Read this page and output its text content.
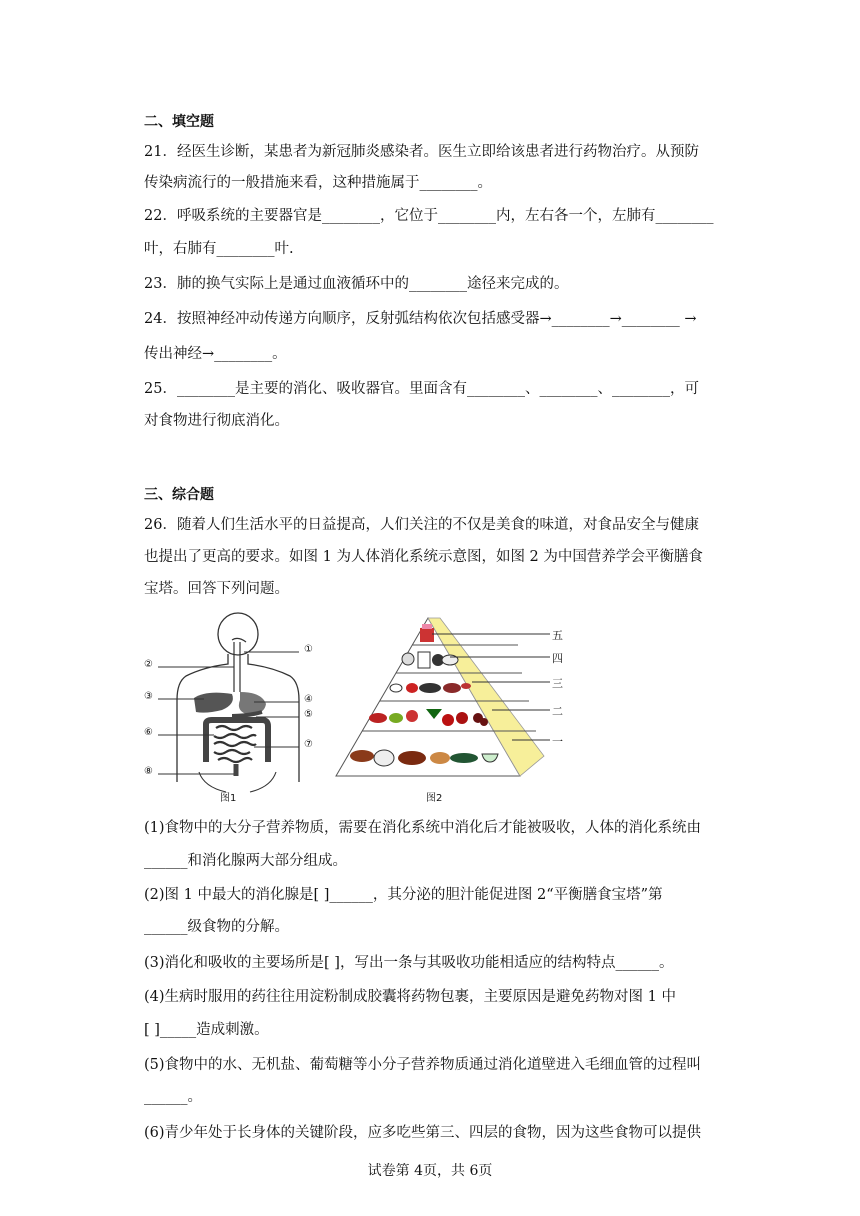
二、填空题
21．经医生诊断，某患者为新冠肺炎感染者。医生立即给该患者进行药物治疗。从预防
传染病流行的一般措施来看，这种措施属于________。
22．呼吸系统的主要器官是________，它位于________内，左右各一个，左肺有________
叶，右肺有________叶.
23．肺的换气实际上是通过血液循环中的________途径来完成的。
24．按照神经冲动传递方向顺序，反射弧结构依次包括感受器→________→________ →
传出神经→________。
25．________是主要的消化、吸收器官。里面含有________、________、________，可
对食物进行彻底消化。
三、综合题
26．随着人们生活水平的日益提高，人们关注的不仅是美食的味道，对食品安全与健康
也提出了更高的要求。如图 1 为人体消化系统示意图，如图 2 为中国营养学会平衡膳食
宝塔。回答下列问题。
①
②
③	④
⑤
⑥
⑦
⑧
图1
五
四
三
二
一
图2
(1)食物中的大分子营养物质，需要在消化系统中消化后才能被吸收，人体的消化系统由
______和消化腺两大部分组成。
(2)图 1 中最大的消化腺是[ ]______，其分泌的胆汁能促进图 2“平衡膳食宝塔”第
______级食物的分解。
(3)消化和吸收的主要场所是[ ]，写出一条与其吸收功能相适应的结构特点______。
(4)生病时服用的药往往用淀粉制成胶囊将药物包裹，主要原因是避免药物对图 1 中
[ ]_____造成刺激。
(5)食物中的水、无机盐、葡萄糖等小分子营养物质通过消化道壁进入毛细血管的过程叫
______。
(6)青少年处于长身体的关键阶段，应多吃些第三、四层的食物，因为这些食物可以提供
试卷第 4页，共 6页
